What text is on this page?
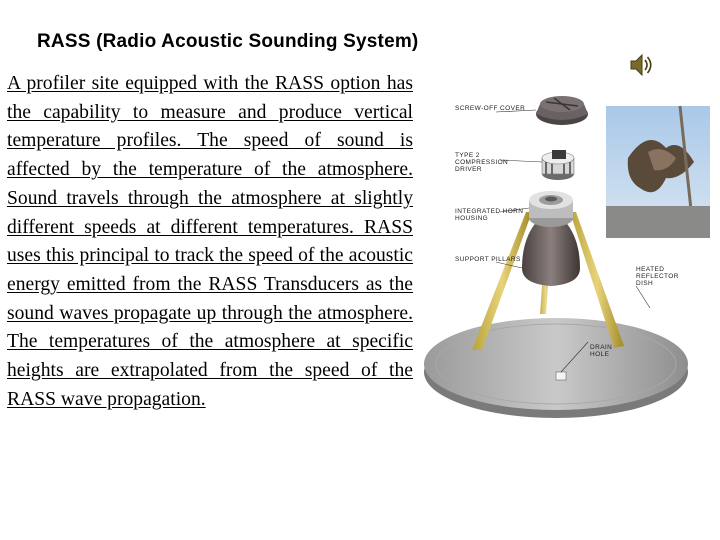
RASS (Radio Acoustic Sounding System)
A profiler site equipped with the RASS option has the capability to measure and produce vertical temperature profiles. The speed of sound is affected by the temperature of the atmosphere. Sound travels through the atmosphere at slightly different speeds at different temperatures. RASS uses this principal to track the speed of the acoustic energy emitted from the RASS Transducers as the sound waves propagate up through the atmosphere. The temperatures of the atmosphere at specific heights are extrapolated from the speed of the RASS wave propagation.
SCREW-OFF COVER
TYPE 2 COMPRESSION DRIVER
INTEGRATED HORN HOUSING
SUPPORT PILLARS
HEATED REFLECTOR DISH
DRAIN HOLE
